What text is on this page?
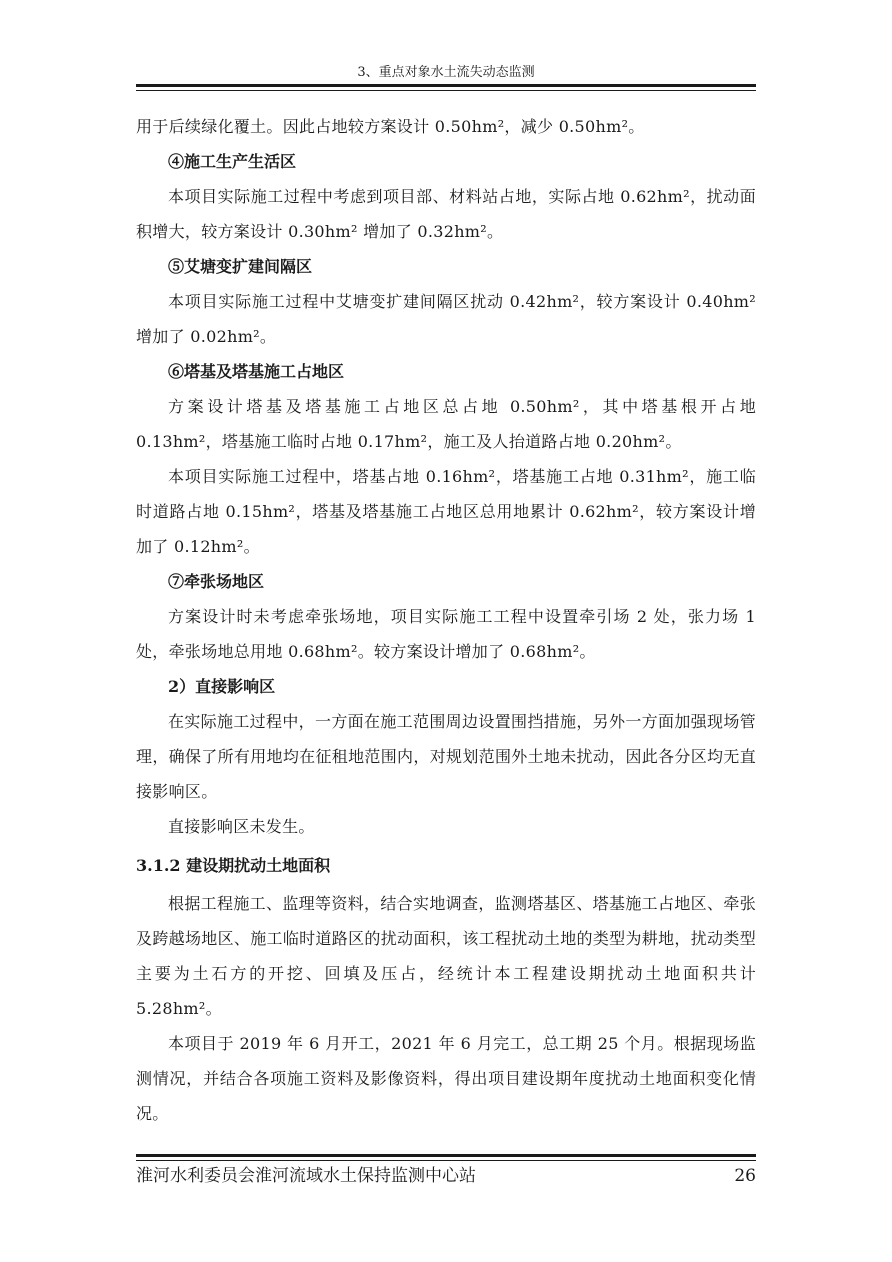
3、重点对象水土流失动态监测

用于后续绿化覆土。因此占地较方案设计 0.50hm²，减少 0.50hm²。

④施工生产生活区

本项目实际施工过程中考虑到项目部、材料站占地，实际占地 0.62hm²，扰动面积增大，较方案设计 0.30hm² 增加了 0.32hm²。

⑤艾塘变扩建间隔区

本项目实际施工过程中艾塘变扩建间隔区扰动 0.42hm²，较方案设计 0.40hm² 增加了 0.02hm²。

⑥塔基及塔基施工占地区

方案设计塔基及塔基施工占地区总占地 0.50hm²，其中塔基根开占地 0.13hm²，塔基施工临时占地 0.17hm²，施工及人抬道路占地 0.20hm²。

本项目实际施工过程中，塔基占地 0.16hm²，塔基施工占地 0.31hm²，施工临时道路占地 0.15hm²，塔基及塔基施工占地区总用地累计 0.62hm²，较方案设计增加了 0.12hm²。

⑦牵张场地区

方案设计时未考虑牵张场地，项目实际施工工程中设置牵引场 2 处，张力场 1 处，牵张场地总用地 0.68hm²。较方案设计增加了 0.68hm²。

2）直接影响区

在实际施工过程中，一方面在施工范围周边设置围挡措施，另外一方面加强现场管理，确保了所有用地均在征租地范围内，对规划范围外土地未扰动，因此各分区均无直接影响区。

直接影响区未发生。

3.1.2 建设期扰动土地面积

根据工程施工、监理等资料，结合实地调查，监测塔基区、塔基施工占地区、牵张及跨越场地区、施工临时道路区的扰动面积，该工程扰动土地的类型为耕地，扰动类型主要为土石方的开挖、回填及压占，经统计本工程建设期扰动土地面积共计 5.28hm²。

本项目于 2019 年 6 月开工，2021 年 6 月完工，总工期 25 个月。根据现场监测情况，并结合各项施工资料及影像资料，得出项目建设期年度扰动土地面积变化情况。

淮河水利委员会淮河流域水土保持监测中心站	26
